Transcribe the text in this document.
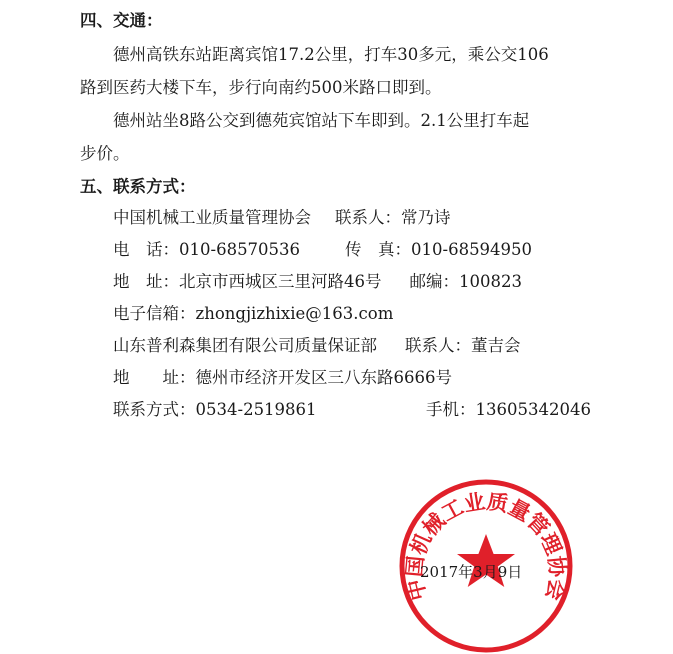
四、交通：
德州高铁东站距离宾馆17.2公里，打车30多元，乘公交106
路到医药大楼下车，步行向南约500米路口即到。
德州站坐8路公交到德苑宾馆站下车即到。2.1公里打车起
步价。
五、联系方式：
中国机械工业质量管理协会 联系人：常乃诗
电　话：010-68570536	传　真：010-68594950
地　址：北京市西城区三里河路46号 邮编：100823
电子信箱：zhongjizhixie@163.com
山东普利森集团有限公司质量保证部 联系人：董吉会
地　　址：德州市经济开发区三八东路6666号
联系方式：0534-2519861	手机：13605342046
中国机械工业质量管理协会
2017年3月9日
